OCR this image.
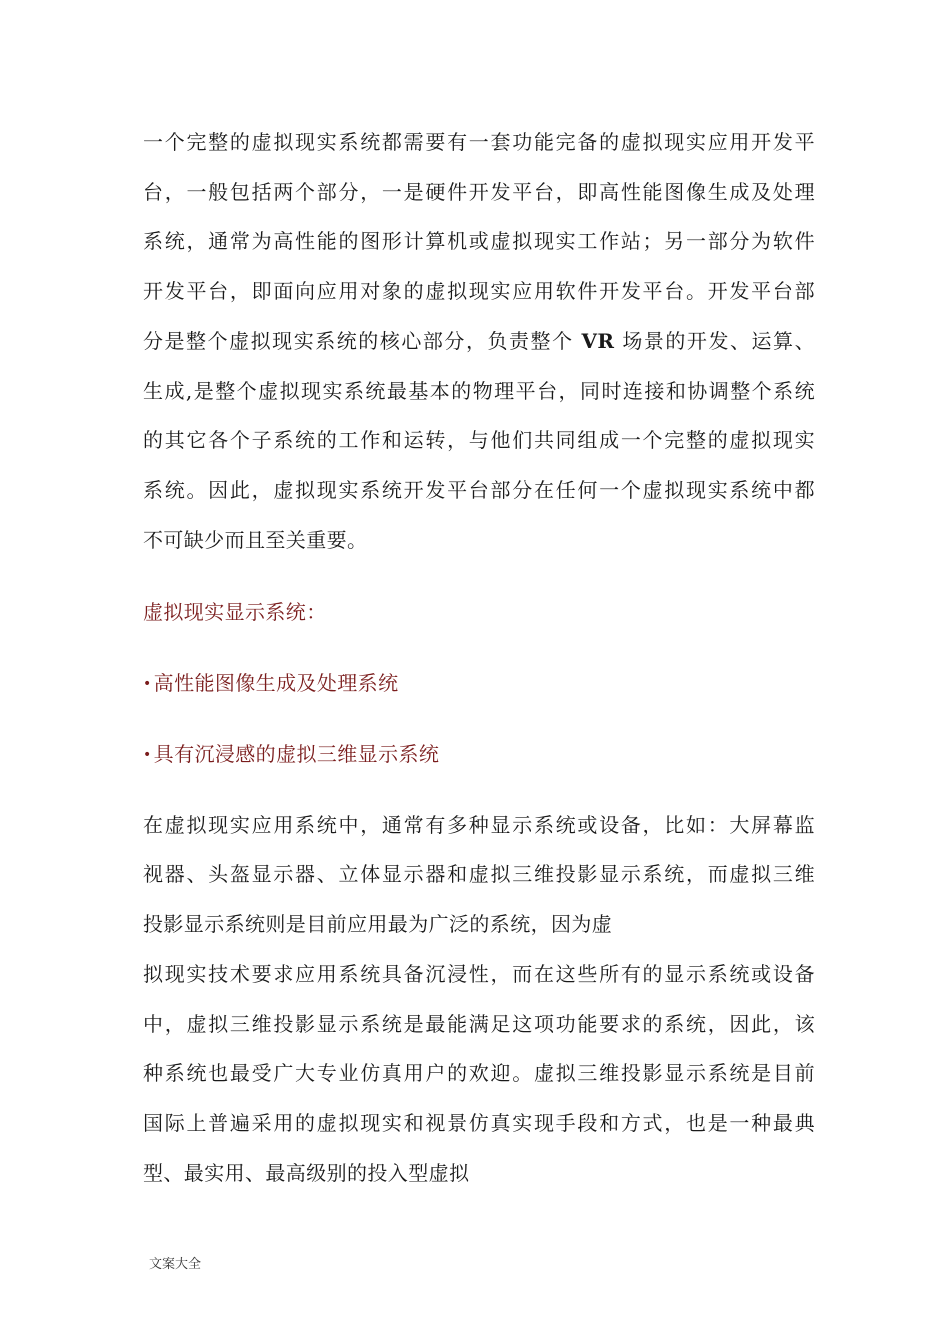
一个完整的虚拟现实系统都需要有一套功能完备的虚拟现实应用开发平
台，一般包括两个部分，一是硬件开发平台，即高性能图像生成及处理
系统，通常为高性能的图形计算机或虚拟现实工作站；另一部分为软件
开发平台，即面向应用对象的虚拟现实应用软件开发平台。开发平台部
分是整个虚拟现实系统的核心部分，负责整个 VR 场景的开发、运算、
生成,是整个虚拟现实系统最基本的物理平台，同时连接和协调整个系统
的其它各个子系统的工作和运转，与他们共同组成一个完整的虚拟现实
系统。因此，虚拟现实系统开发平台部分在任何一个虚拟现实系统中都
不可缺少而且至关重要。
虚拟现实显示系统：
• 高性能图像生成及处理系统
• 具有沉浸感的虚拟三维显示系统
在虚拟现实应用系统中，通常有多种显示系统或设备，比如：大屏幕监
视器、头盔显示器、立体显示器和虚拟三维投影显示系统，而虚拟三维
投影显示系统则是目前应用最为广泛的系统，因为虚
拟现实技术要求应用系统具备沉浸性，而在这些所有的显示系统或设备
中，虚拟三维投影显示系统是最能满足这项功能要求的系统，因此，该
种系统也最受广大专业仿真用户的欢迎。虚拟三维投影显示系统是目前
国际上普遍采用的虚拟现实和视景仿真实现手段和方式，也是一种最典
型、最实用、最高级别的投入型虚拟
文案大全
